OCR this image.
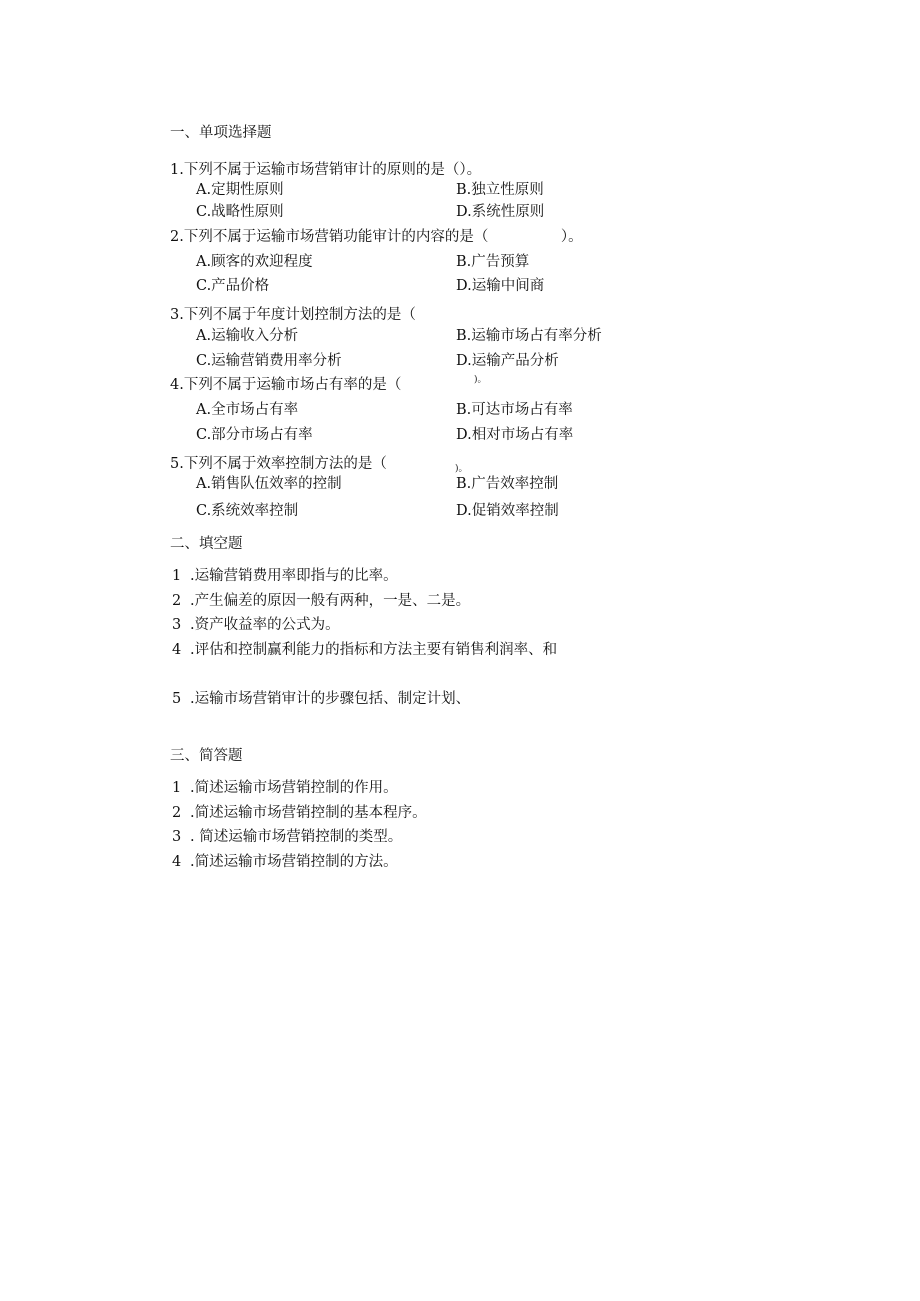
一、单项选择题
1.下列不属于运输市场营销审计的原则的是（）。
A.定期性原则	B.独立性原则
C.战略性原则	D.系统性原则
2.下列不属于运输市场营销功能审计的内容的是（　　　　　）。
A.顾客的欢迎程度	B.广告预算
C.产品价格	D.运输中间商
3.下列不属于年度计划控制方法的是（
A.运输收入分析	B.运输市场占有率分析
C.运输营销费用率分析	D.运输产品分析
4.下列不属于运输市场占有率的是（	)。
A.全市场占有率	B.可达市场占有率
C.部分市场占有率	D.相对市场占有率
5.下列不属于效率控制方法的是（	)。
A.销售队伍效率的控制	B.广告效率控制
C.系统效率控制	D.促销效率控制
二、填空题
1 .运输营销费用率即指与的比率。
2 .产生偏差的原因一般有两种，一是、二是。
3 .资产收益率的公式为。
4 .评估和控制赢利能力的指标和方法主要有销售利润率、和
5 .运输市场营销审计的步骤包括、制定计划、
三、简答题
1 .简述运输市场营销控制的作用。
2 .简述运输市场营销控制的基本程序。
3 . 简述运输市场营销控制的类型。
4 .简述运输市场营销控制的方法。
